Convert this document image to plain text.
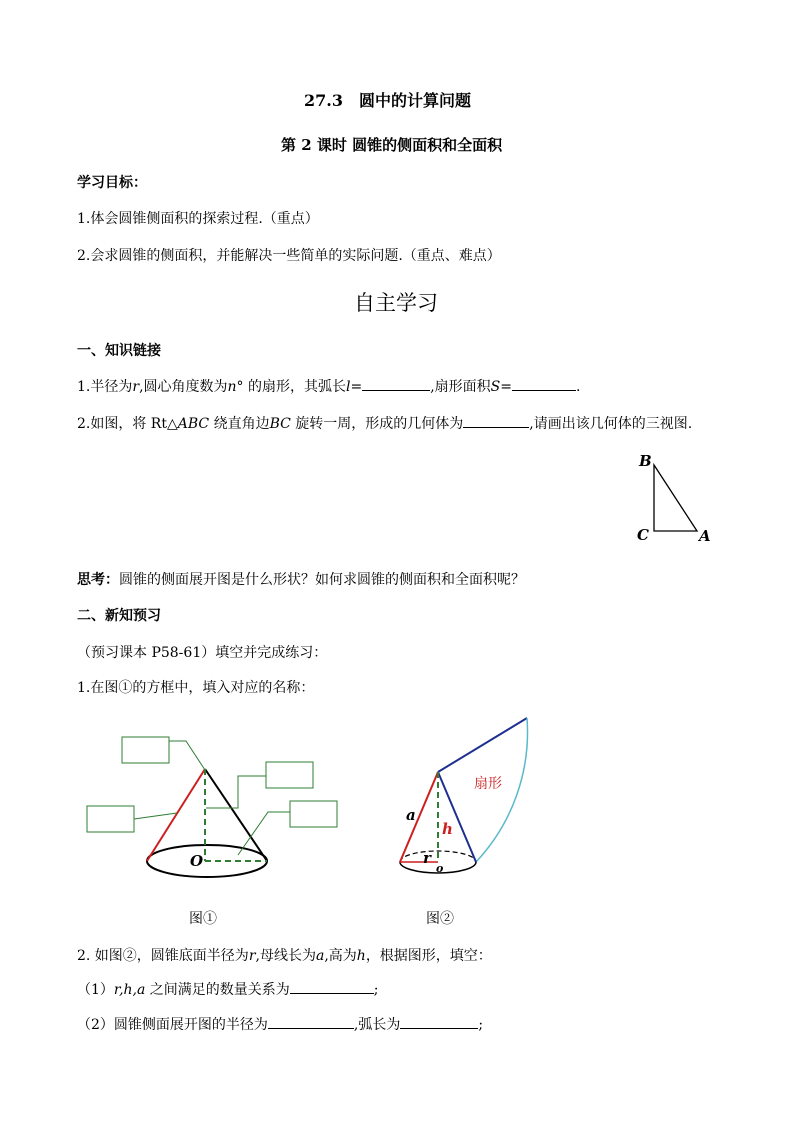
27.3　圆中的计算问题
第 2 课时 圆锥的侧面积和全面积
学习目标：
1.体会圆锥侧面积的探索过程.（重点）
2.会求圆锥的侧面积，并能解决一些简单的实际问题.（重点、难点）
自主学习
一、知识链接
1.半径为r,圆心角度数为n° 的扇形，其弧长l=	,扇形面积S=	.
2.如图，将 Rt△ABC 绕直角边BC 旋转一周，形成的几何体为	,请画出该几何体的三视图.
B
C	A
思考：圆锥的侧面展开图是什么形状？如何求圆锥的侧面积和全面积呢？
二、新知预习
（预习课本 P58-61）填空并完成练习：
1.在图①的方框中，填入对应的名称：
O
图①
a
h
r
o
扇形
图②
2. 如图②，圆锥底面半径为r,母线长为a,高为h，根据图形，填空：
（1）r,h,a 之间满足的数量关系为	;
（2）圆锥侧面展开图的半径为	,弧长为	;
